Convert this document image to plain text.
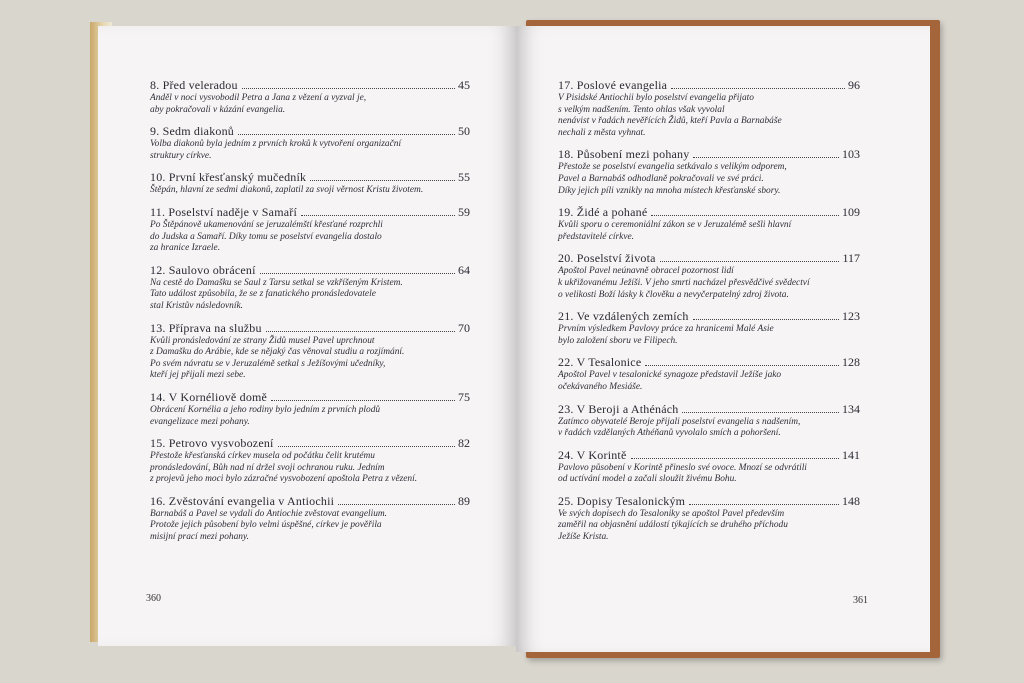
8. Před veleradou	45
Anděl v noci vysvobodil Petra a Jana z vězení a vyzval je,
aby pokračovali v kázání evangelia.
9. Sedm diakonů	50
Volba diakonů byla jedním z prvních kroků k vytvoření organizační
struktury církve.
10. První křesťanský mučedník	55
Štěpán, hlavní ze sedmi diakonů, zaplatil za svoji věrnost Kristu životem.
11. Poselství naděje v Samaří	59
Po Štěpánově ukamenování se jeruzalémští křesťané rozprchli
do Judska a Samaří. Díky tomu se poselství evangelia dostalo
za hranice Izraele.
12. Saulovo obrácení	64
Na cestě do Damašku se Saul z Tarsu setkal se vzkříšeným Kristem.
Tato událost způsobila, že se z fanatického pronásledovatele
stal Kristův následovník.
13. Příprava na službu	70
Kvůli pronásledování ze strany Židů musel Pavel uprchnout
z Damašku do Arábie, kde se nějaký čas věnoval studiu a rozjímání.
Po svém návratu se v Jeruzalémě setkal s Ježíšovými učedníky,
kteří jej přijali mezi sebe.
14. V Kornéliově domě	75
Obrácení Kornélia a jeho rodiny bylo jedním z prvních plodů
evangelizace mezi pohany.
15. Petrovo vysvobození	82
Přestože křesťanská církev musela od počátku čelit krutému
pronásledování, Bůh nad ní držel svoji ochranou ruku. Jedním
z projevů jeho moci bylo zázračné vysvobození apoštola Petra z vězení.
16. Zvěstování evangelia v Antiochii	89
Barnabáš a Pavel se vydali do Antiochie zvěstovat evangelium.
Protože jejich působení bylo velmi úspěšné, církev je pověřila
misijní prací mezi pohany.
360
17. Poslové evangelia	96
V Pisidské Antiochii bylo poselství evangelia přijato
s velkým nadšením. Tento ohlas však vyvolal
nenávist v řadách nevěřících Židů, kteří Pavla a Barnabáše
nechali z města vyhnat.
18. Působení mezi pohany	103
Přestože se poselství evangelia setkávalo s velikým odporem,
Pavel a Barnabáš odhodlaně pokračovali ve své práci.
Díky jejich píli vznikly na mnoha místech křesťanské sbory.
19. Židé a pohané	109
Kvůli sporu o ceremoniální zákon se v Jeruzalémě sešli hlavní
představitelé církve.
20. Poselství života	117
Apoštol Pavel neúnavně obracel pozornost lidí
k ukřižovanému Ježíši. V jeho smrti nacházel přesvědčivé svědectví
o velikosti Boží lásky k člověku a nevyčerpatelný zdroj života.
21. Ve vzdálených zemích	123
Prvním výsledkem Pavlovy práce za hranicemi Malé Asie
bylo založení sboru ve Filipech.
22. V Tesalonice	128
Apoštol Pavel v tesalonické synagoze představil Ježíše jako
očekávaného Mesiáše.
23. V Beroji a Athénách	134
Zatímco obyvatelé Beroje přijali poselství evangelia s nadšením,
v řadách vzdělaných Athéňanů vyvolalo smích a pohoršení.
24. V Korintě	141
Pavlovo působení v Korintě přineslo své ovoce. Mnozí se odvrátili
od uctívání model a začali sloužit živému Bohu.
25. Dopisy Tesalonickým	148
Ve svých dopisech do Tesaloniky se apoštol Pavel především
zaměřil na objasnění událostí týkajících se druhého příchodu
Ježíše Krista.
361
